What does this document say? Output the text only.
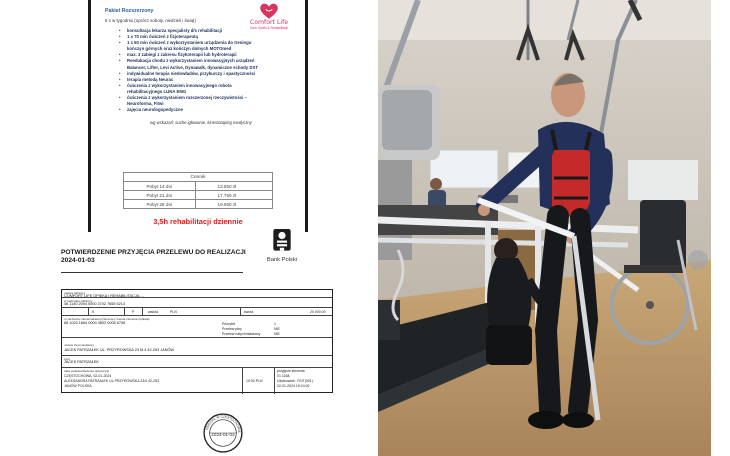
Pakiet Rozszerzony
5 x w tygodniu (oprócz soboty, niedzieli i świąt)	Comfort Life
Dom Opieki & Rehabilitacji
• konsultacja lekarza specjalisty d/s rehabilitacji
• 1 x 70 min ćwiczeń z fizjoterapeutą
• 1 x 60 min ćwiczeń z wykorzystaniem urządzenia do treningu kończyn górnych oraz kończyn dolnych MOTOmed
• max. 3 zabiegi z zakresu fizykoterapii lub hydroterapii
• Reedukacja chodu z wykorzystaniem innowacyjnych urządzeń Balancer, Lifter, Levi Active, Dynawalk, dynamiczne schody DST
• indywidualne terapia niedowładów, przykurczy i spastyczności
• terapia metodą Neurac
• ćwiczenia z wykorzystaniem innowacyjnego robota rehabilitacyjnego LUNA EMG
• ćwiczenia z wykorzystaniem rozszerzonej rzeczywistości – Neuroforma, Fitwi
• zajęcia neurologopedyczne
wg wskazań: suche igłowanie, kinesiotaping medyczny
Cennik	
Pobyt 14 dni	13.550 zł
Pobyt 21 dni	17.750 zł
Pobyt 28 dni	19.650 zł
3,5h rehabilitacji dziennie
POTWIERDZENIE PRZYJĘCIA PRZELEWU DO REALIZACJI
2024-01-03	Bank Polski
nazwa odbiorcy
COMFORT LIFE OPIEKA I REHABILITACJA - -
w rachunku odbiorcy
46 1140 2004 0000 3702 7655 5213
K	P	waluta	PLN	kwota	20 000,00
nr rachunku zleceniodawcy(zlecenie) / kwota zlecenia (wpłata)
68 1020 1664 0000 3802 0005 6708	Priorytet	1
Przelew płny	NIE
Przelew natychmiastowy	NIE
nazwa zleceniodawcy
JACEK PATRZAŁEK UL. PRZYROWSKA 23 M.4 42-253 JANÓW
tytuł
JACEK PATRZAŁEK
data podpisu/złożenia dyspozycji
CZĘSTOCHOWA, 02-01-2024
ALEKSANDRA PATRZAŁEK UL.PRZYROWSKA 23/4 42-253
JANÓW POLSKA
10:00 PLN
przyjęcie zlecenia
01 1168,
Użytkownik: YGIT(001)
02-01-2024 15:24:02
2024-01-02
ODDZIAŁ W CZĘSTOCHOWIE
